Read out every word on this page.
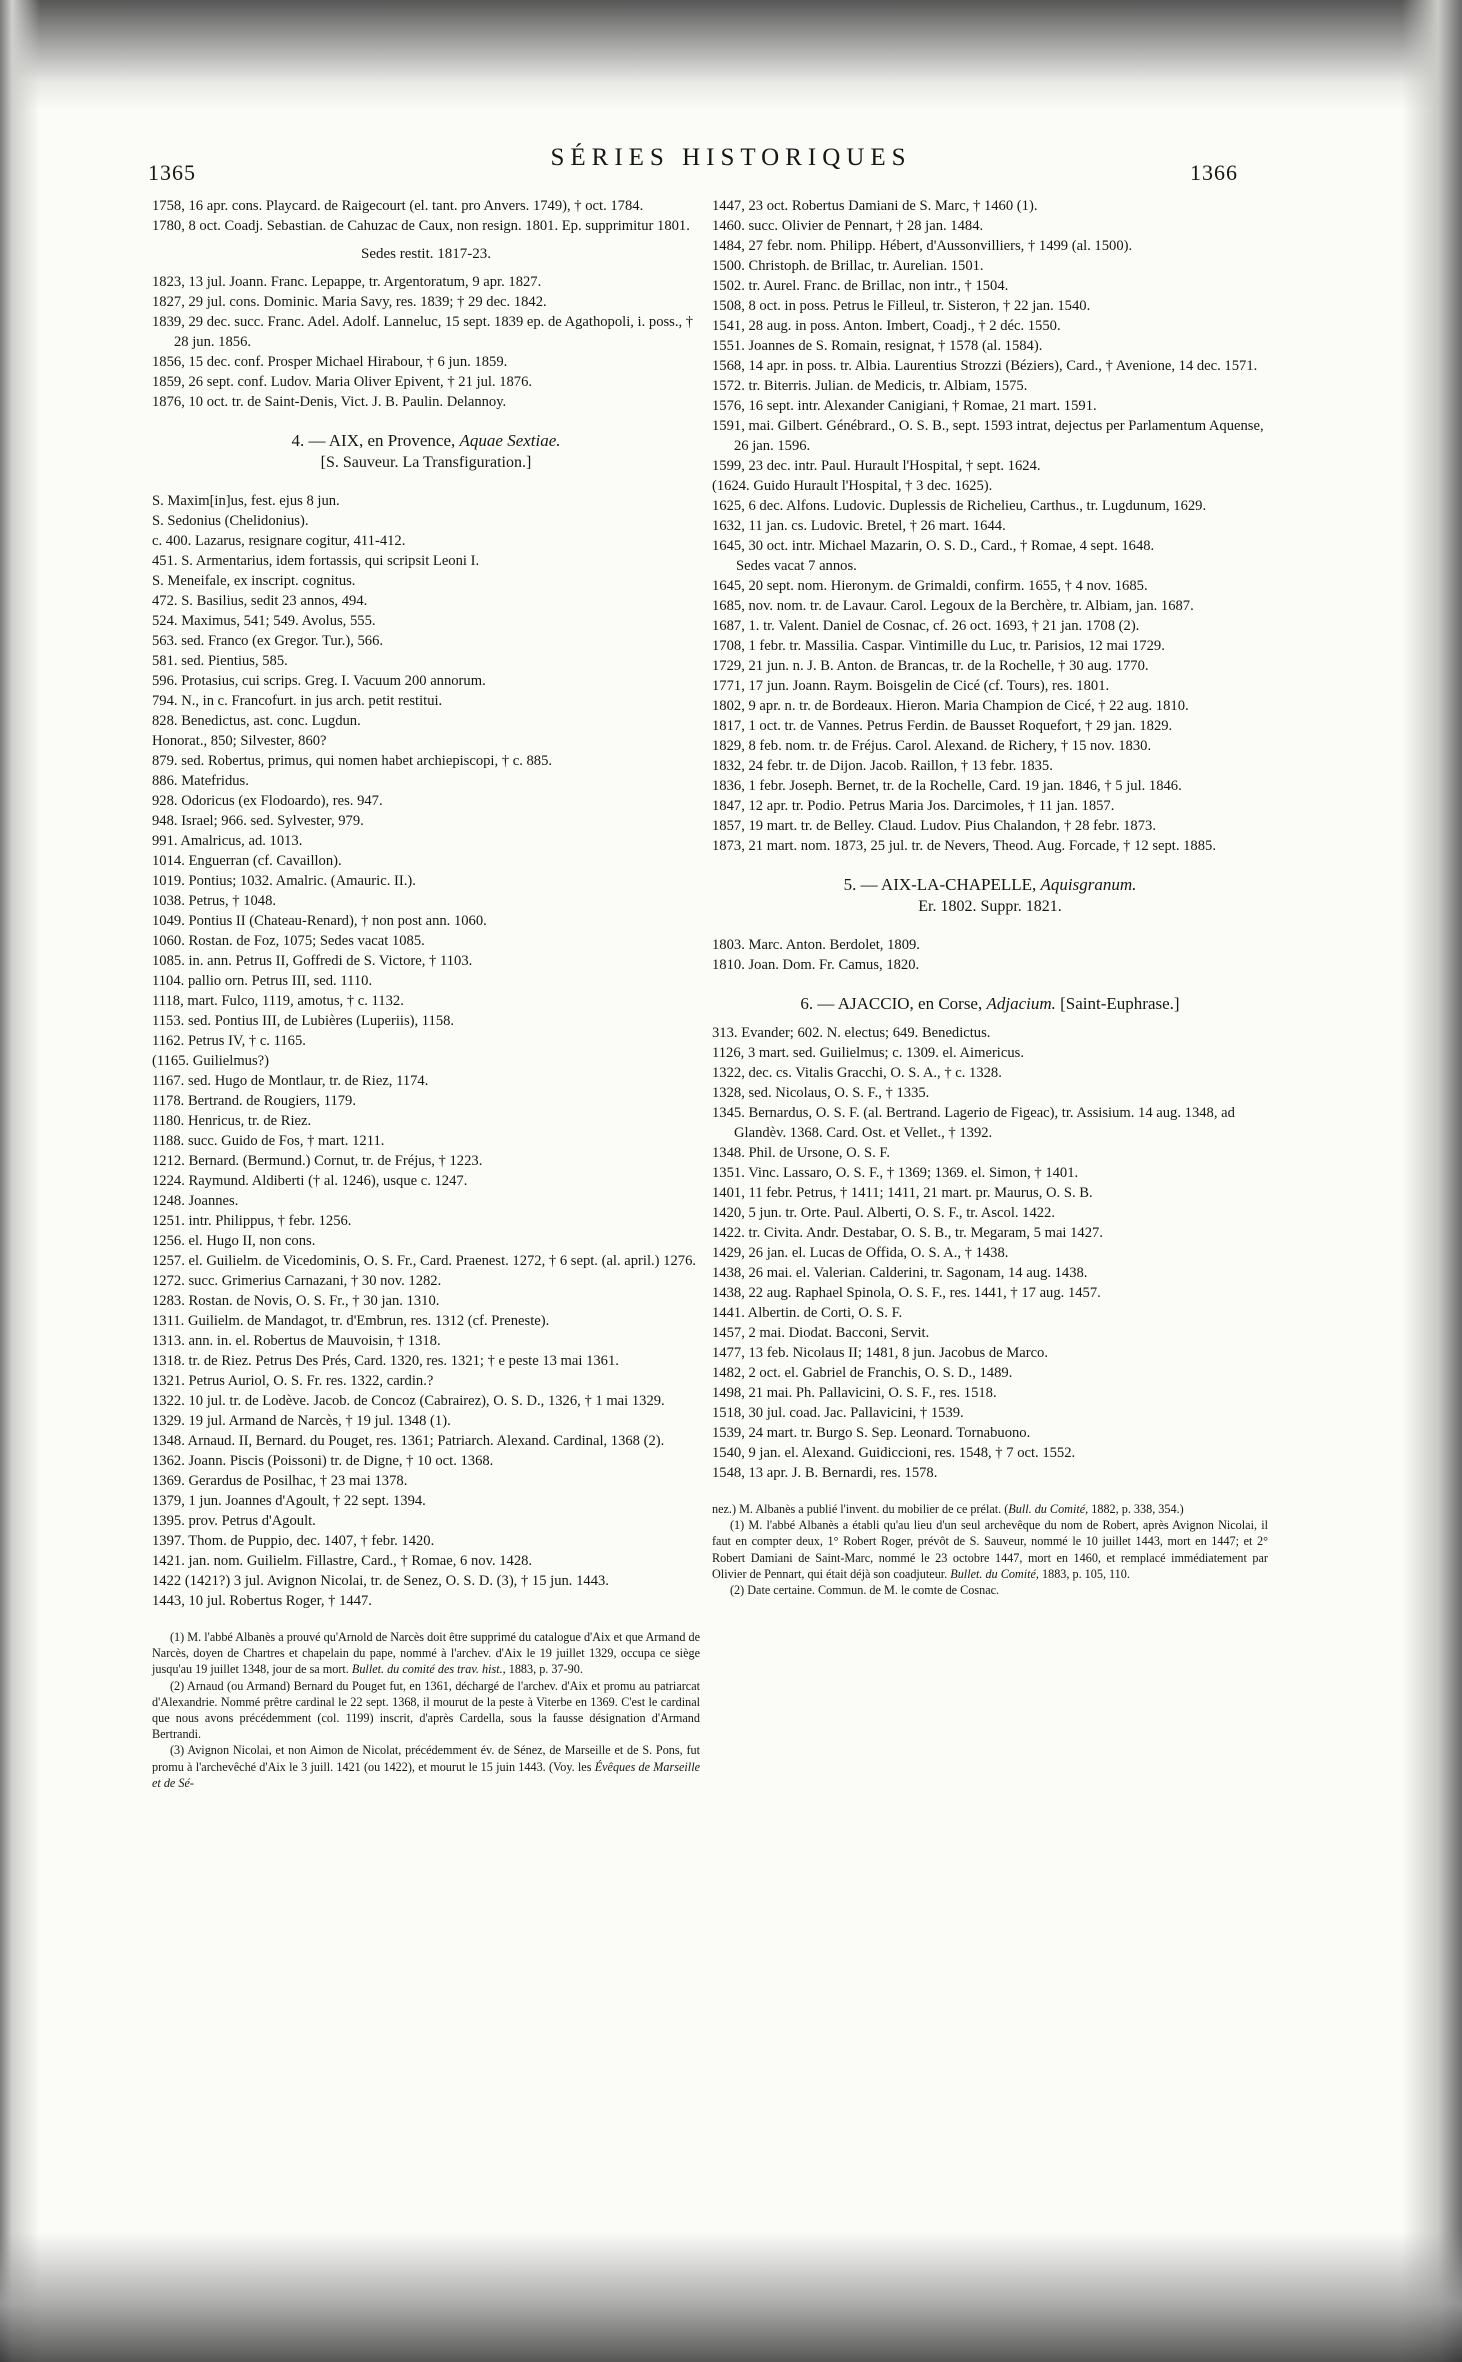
1365
SÉRIES HISTORIQUES
1366
1758, 16 apr. cons. Playcard. de Raigecourt (el. tant. pro Anvers. 1749), † oct. 1784.
1780, 8 oct. Coadj. Sebastian. de Cahuzac de Caux, non resign. 1801. Ep. supprimitur 1801.
Sedes restit. 1817-23.
1823, 13 jul. Joann. Franc. Lepappe, tr. Argentoratum, 9 apr. 1827.
1827, 29 jul. cons. Dominic. Maria Savy, res. 1839; † 29 dec. 1842.
1839, 29 dec. succ. Franc. Adel. Adolf. Lanneluc, 15 sept. 1839 ep. de Agathopoli, i. poss., † 28 jun. 1856.
1856, 15 dec. conf. Prosper Michael Hirabour, † 6 jun. 1859.
1859, 26 sept. conf. Ludov. Maria Oliver Epivent, † 21 jul. 1876.
1876, 10 oct. tr. de Saint-Denis, Vict. J. B. Paulin. Delannoy.
4. — AIX, en Provence, Aquae Sextiae.
[S. Sauveur. La Transfiguration.]
S. Maxim[in]us, fest. ejus 8 jun.
S. Sedonius (Chelidonius).
c. 400. Lazarus, resignare cogitur, 411-412.
451. S. Armentarius, idem fortassis, qui scripsit Leoni I.
S. Meneifale, ex inscript. cognitus.
472. S. Basilius, sedit 23 annos, 494.
524. Maximus, 541; 549. Avolus, 555.
563. sed. Franco (ex Gregor. Tur.), 566.
581. sed. Pientius, 585.
596. Protasius, cui scrips. Greg. I. Vacuum 200 annorum.
794. N., in c. Francofurt. in jus arch. petit restitui.
828. Benedictus, ast. conc. Lugdun.
Honorat., 850; Silvester, 860?
879. sed. Robertus, primus, qui nomen habet archiepiscopi, † c. 885.
886. Matefridus.
928. Odoricus (ex Flodoardo), res. 947.
948. Israel; 966. sed. Sylvester, 979.
991. Amalricus, ad. 1013.
1014. Enguerran (cf. Cavaillon).
1019. Pontius; 1032. Amalric. (Amauric. II.).
1038. Petrus, † 1048.
1049. Pontius II (Chateau-Renard), † non post ann. 1060.
1060. Rostan. de Foz, 1075; Sedes vacat 1085.
1085. in. ann. Petrus II, Goffredi de S. Victore, † 1103.
1104. pallio orn. Petrus III, sed. 1110.
1118, mart. Fulco, 1119, amotus, † c. 1132.
1153. sed. Pontius III, de Lubières (Luperiis), 1158.
1162. Petrus IV, † c. 1165.
(1165. Guilielmus?)
1167. sed. Hugo de Montlaur, tr. de Riez, 1174.
1178. Bertrand. de Rougiers, 1179.
1180. Henricus, tr. de Riez.
1188. succ. Guido de Fos, † mart. 1211.
1212. Bernard. (Bermund.) Cornut, tr. de Fréjus, † 1223.
1224. Raymund. Aldiberti († al. 1246), usque c. 1247.
1248. Joannes.
1251. intr. Philippus, † febr. 1256.
1256. el. Hugo II, non cons.
1257. el. Guilielm. de Vicedominis, O. S. Fr., Card. Praenest. 1272, † 6 sept. (al. april.) 1276.
1272. succ. Grimerius Carnazani, † 30 nov. 1282.
1283. Rostan. de Novis, O. S. Fr., † 30 jan. 1310.
1311. Guilielm. de Mandagot, tr. d'Embrun, res. 1312 (cf. Preneste).
1313. ann. in. el. Robertus de Mauvoisin, † 1318.
1318. tr. de Riez. Petrus Des Prés, Card. 1320, res. 1321; † e peste 13 mai 1361.
1321. Petrus Auriol, O. S. Fr. res. 1322, cardin.?
1322. 10 jul. tr. de Lodève. Jacob. de Concoz (Cabrairez), O. S. D., 1326, † 1 mai 1329.
1329. 19 jul. Armand de Narcès, † 19 jul. 1348 (1).
1348. Arnaud. II, Bernard. du Pouget, res. 1361; Patriarch. Alexand. Cardinal, 1368 (2).
1362. Joann. Piscis (Poissoni) tr. de Digne, † 10 oct. 1368.
1369. Gerardus de Posilhac, † 23 mai 1378.
1379, 1 jun. Joannes d'Agoult, † 22 sept. 1394.
1395. prov. Petrus d'Agoult.
1397. Thom. de Puppio, dec. 1407, † febr. 1420.
1421. jan. nom. Guilielm. Fillastre, Card., † Romae, 6 nov. 1428.
1422 (1421?) 3 jul. Avignon Nicolai, tr. de Senez, O. S. D. (3), † 15 jun. 1443.
1443, 10 jul. Robertus Roger, † 1447.
(1) M. l'abbé Albanès a prouvé qu'Arnold de Narcès doit être supprimé du catalogue d'Aix et que Armand de Narcès, doyen de Chartres et chapelain du pape, nommé à l'archev. d'Aix le 19 juillet 1329, occupa ce siège jusqu'au 19 juillet 1348, jour de sa mort. Bullet. du comité des trav. hist., 1883, p. 37-90.
(2) Arnaud (ou Armand) Bernard du Pouget fut, en 1361, déchargé de l'archev. d'Aix et promu au patriarcat d'Alexandrie. Nommé prêtre cardinal le 22 sept. 1368, il mourut de la peste à Viterbe en 1369. C'est le cardinal que nous avons précédemment (col. 1199) inscrit, d'après Cardella, sous la fausse désignation d'Armand Bertrandi.
(3) Avignon Nicolai, et non Aimon de Nicolat, précédemment év. de Sénez, de Marseille et de S. Pons, fut promu à l'archevêché d'Aix le 3 juill. 1421 (ou 1422), et mourut le 15 juin 1443. (Voy. les Évêques de Marseille et de Sé-
1447, 23 oct. Robertus Damiani de S. Marc, † 1460 (1).
1460. succ. Olivier de Pennart, † 28 jan. 1484.
1484, 27 febr. nom. Philipp. Hébert, d'Aussonvilliers, † 1499 (al. 1500).
1500. Christoph. de Brillac, tr. Aurelian. 1501.
1502. tr. Aurel. Franc. de Brillac, non intr., † 1504.
1508, 8 oct. in poss. Petrus le Filleul, tr. Sisteron, † 22 jan. 1540.
1541, 28 aug. in poss. Anton. Imbert, Coadj., † 2 déc. 1550.
1551. Joannes de S. Romain, resignat, † 1578 (al. 1584).
1568, 14 apr. in poss. tr. Albia. Laurentius Strozzi (Béziers), Card., † Avenione, 14 dec. 1571.
1572. tr. Biterris. Julian. de Medicis, tr. Albiam, 1575.
1576, 16 sept. intr. Alexander Canigiani, † Romae, 21 mart. 1591.
1591, mai. Gilbert. Génébrard., O. S. B., sept. 1593 intrat, dejectus per Parlamentum Aquense, 26 jan. 1596.
1599, 23 dec. intr. Paul. Hurault l'Hospital, † sept. 1624.
(1624. Guido Hurault l'Hospital, † 3 dec. 1625).
1625, 6 dec. Alfons. Ludovic. Duplessis de Richelieu, Carthus., tr. Lugdunum, 1629.
1632, 11 jan. cs. Ludovic. Bretel, † 26 mart. 1644.
1645, 30 oct. intr. Michael Mazarin, O. S. D., Card., † Romae, 4 sept. 1648.
Sedes vacat 7 annos.
1645, 20 sept. nom. Hieronym. de Grimaldi, confirm. 1655, † 4 nov. 1685.
1685, nov. nom. tr. de Lavaur. Carol. Legoux de la Berchère, tr. Albiam, jan. 1687.
1687, 1. tr. Valent. Daniel de Cosnac, cf. 26 oct. 1693, † 21 jan. 1708 (2).
1708, 1 febr. tr. Massilia. Caspar. Vintimille du Luc, tr. Parisios, 12 mai 1729.
1729, 21 jun. n. J. B. Anton. de Brancas, tr. de la Rochelle, † 30 aug. 1770.
1771, 17 jun. Joann. Raym. Boisgelin de Cicé (cf. Tours), res. 1801.
1802, 9 apr. n. tr. de Bordeaux. Hieron. Maria Champion de Cicé, † 22 aug. 1810.
1817, 1 oct. tr. de Vannes. Petrus Ferdin. de Bausset Roquefort, † 29 jan. 1829.
1829, 8 feb. nom. tr. de Fréjus. Carol. Alexand. de Richery, † 15 nov. 1830.
1832, 24 febr. tr. de Dijon. Jacob. Raillon, † 13 febr. 1835.
1836, 1 febr. Joseph. Bernet, tr. de la Rochelle, Card. 19 jan. 1846, † 5 jul. 1846.
1847, 12 apr. tr. Podio. Petrus Maria Jos. Darcimoles, † 11 jan. 1857.
1857, 19 mart. tr. de Belley. Claud. Ludov. Pius Chalandon, † 28 febr. 1873.
1873, 21 mart. nom. 1873, 25 jul. tr. de Nevers, Theod. Aug. Forcade, † 12 sept. 1885.
5. — AIX-LA-CHAPELLE, Aquisgranum.
Er. 1802. Suppr. 1821.
1803. Marc. Anton. Berdolet, 1809.
1810. Joan. Dom. Fr. Camus, 1820.
6. — AJACCIO, en Corse, Adjacium. [Saint-Euphrase.]
313. Evander; 602. N. electus; 649. Benedictus.
1126, 3 mart. sed. Guilielmus; c. 1309. el. Aimericus.
1322, dec. cs. Vitalis Gracchi, O. S. A., † c. 1328.
1328, sed. Nicolaus, O. S. F., † 1335.
1345. Bernardus, O. S. F. (al. Bertrand. Lagerio de Figeac), tr. Assisium. 14 aug. 1348, ad Glandèv. 1368. Card. Ost. et Vellet., † 1392.
1348. Phil. de Ursone, O. S. F.
1351. Vinc. Lassaro, O. S. F., † 1369; 1369. el. Simon, † 1401.
1401, 11 febr. Petrus, † 1411; 1411, 21 mart. pr. Maurus, O. S. B.
1420, 5 jun. tr. Orte. Paul. Alberti, O. S. F., tr. Ascol. 1422.
1422. tr. Civita. Andr. Destabar, O. S. B., tr. Megaram, 5 mai 1427.
1429, 26 jan. el. Lucas de Offida, O. S. A., † 1438.
1438, 26 mai. el. Valerian. Calderini, tr. Sagonam, 14 aug. 1438.
1438, 22 aug. Raphael Spinola, O. S. F., res. 1441, † 17 aug. 1457.
1441. Albertin. de Corti, O. S. F.
1457, 2 mai. Diodat. Bacconi, Servit.
1477, 13 feb. Nicolaus II; 1481, 8 jun. Jacobus de Marco.
1482, 2 oct. el. Gabriel de Franchis, O. S. D., 1489.
1498, 21 mai. Ph. Pallavicini, O. S. F., res. 1518.
1518, 30 jul. coad. Jac. Pallavicini, † 1539.
1539, 24 mart. tr. Burgo S. Sep. Leonard. Tornabuono.
1540, 9 jan. el. Alexand. Guidiccioni, res. 1548, † 7 oct. 1552.
1548, 13 apr. J. B. Bernardi, res. 1578.
nez.) M. Albanès a publié l'invent. du mobilier de ce prélat. (Bull. du Comité, 1882, p. 338, 354.)
(1) M. l'abbé Albanès a établi qu'au lieu d'un seul archevêque du nom de Robert, après Avignon Nicolai, il faut en compter deux, 1° Robert Roger, prévôt de S. Sauveur, nommé le 10 juillet 1443, mort en 1447; et 2° Robert Damiani de Saint-Marc, nommé le 23 octobre 1447, mort en 1460, et remplacé immédiatement par Olivier de Pennart, qui était déjà son coadjuteur. Bullet. du Comité, 1883, p. 105, 110.
(2) Date certaine. Commun. de M. le comte de Cosnac.
